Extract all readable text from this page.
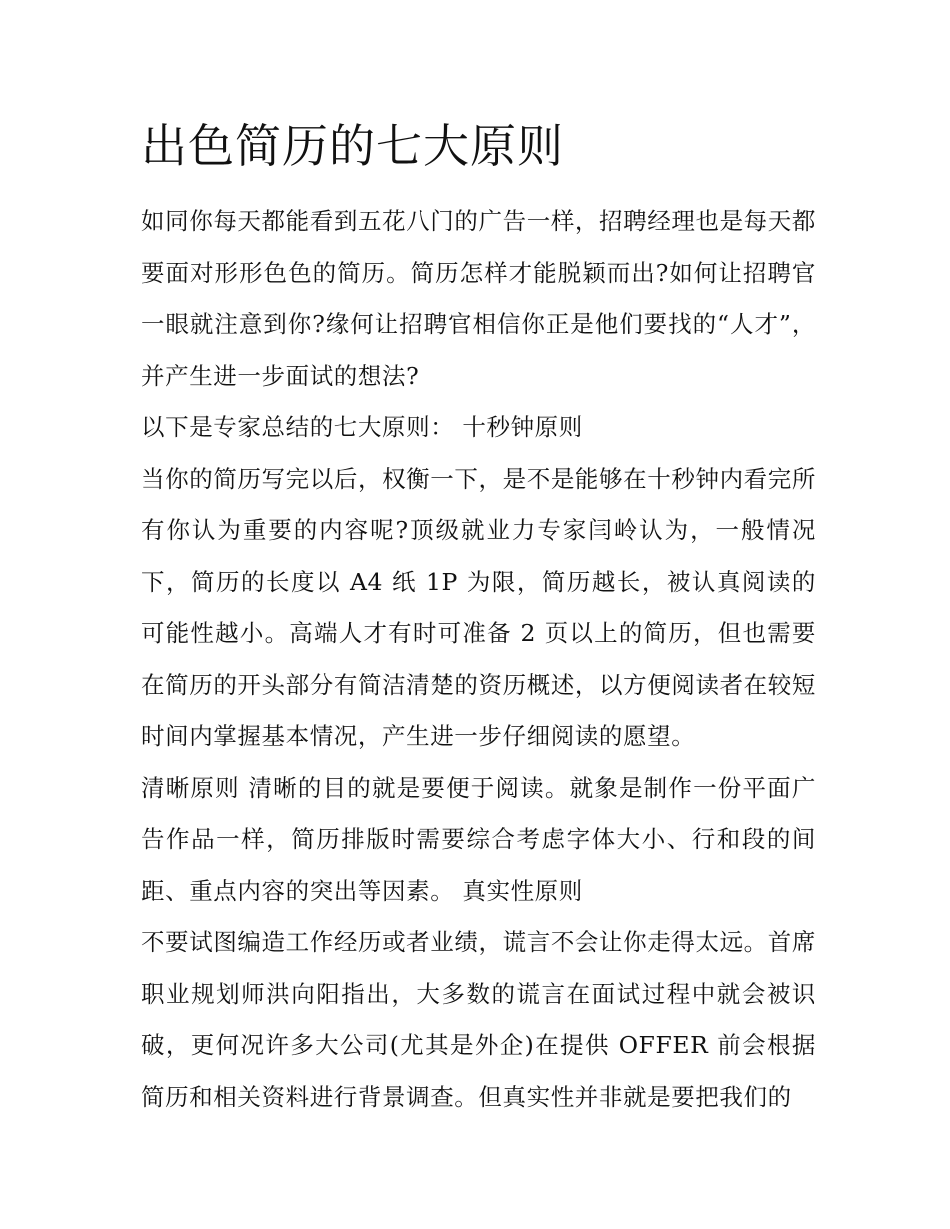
出色简历的七大原则

如同你每天都能看到五花八门的广告一样，招聘经理也是每天都要面对形形色色的简历。简历怎样才能脱颖而出?如何让招聘官一眼就注意到你?缘何让招聘官相信你正是他们要找的“人才”，并产生进一步面试的想法?

以下是专家总结的七大原则： 十秒钟原则

当你的简历写完以后，权衡一下，是不是能够在十秒钟内看完所有你认为重要的内容呢?顶级就业力专家闫岭认为，一般情况下，简历的长度以 A4 纸 1P 为限，简历越长，被认真阅读的可能性越小。高端人才有时可准备 2 页以上的简历，但也需要在简历的开头部分有简洁清楚的资历概述，以方便阅读者在较短时间内掌握基本情况，产生进一步仔细阅读的愿望。

清晰原则 清晰的目的就是要便于阅读。就象是制作一份平面广告作品一样，简历排版时需要综合考虑字体大小、行和段的间距、重点内容的突出等因素。 真实性原则

不要试图编造工作经历或者业绩，谎言不会让你走得太远。首席职业规划师洪向阳指出，大多数的谎言在面试过程中就会被识破，更何况许多大公司(尤其是外企)在提供 OFFER 前会根据简历和相关资料进行背景调查。但真实性并非就是要把我们的
